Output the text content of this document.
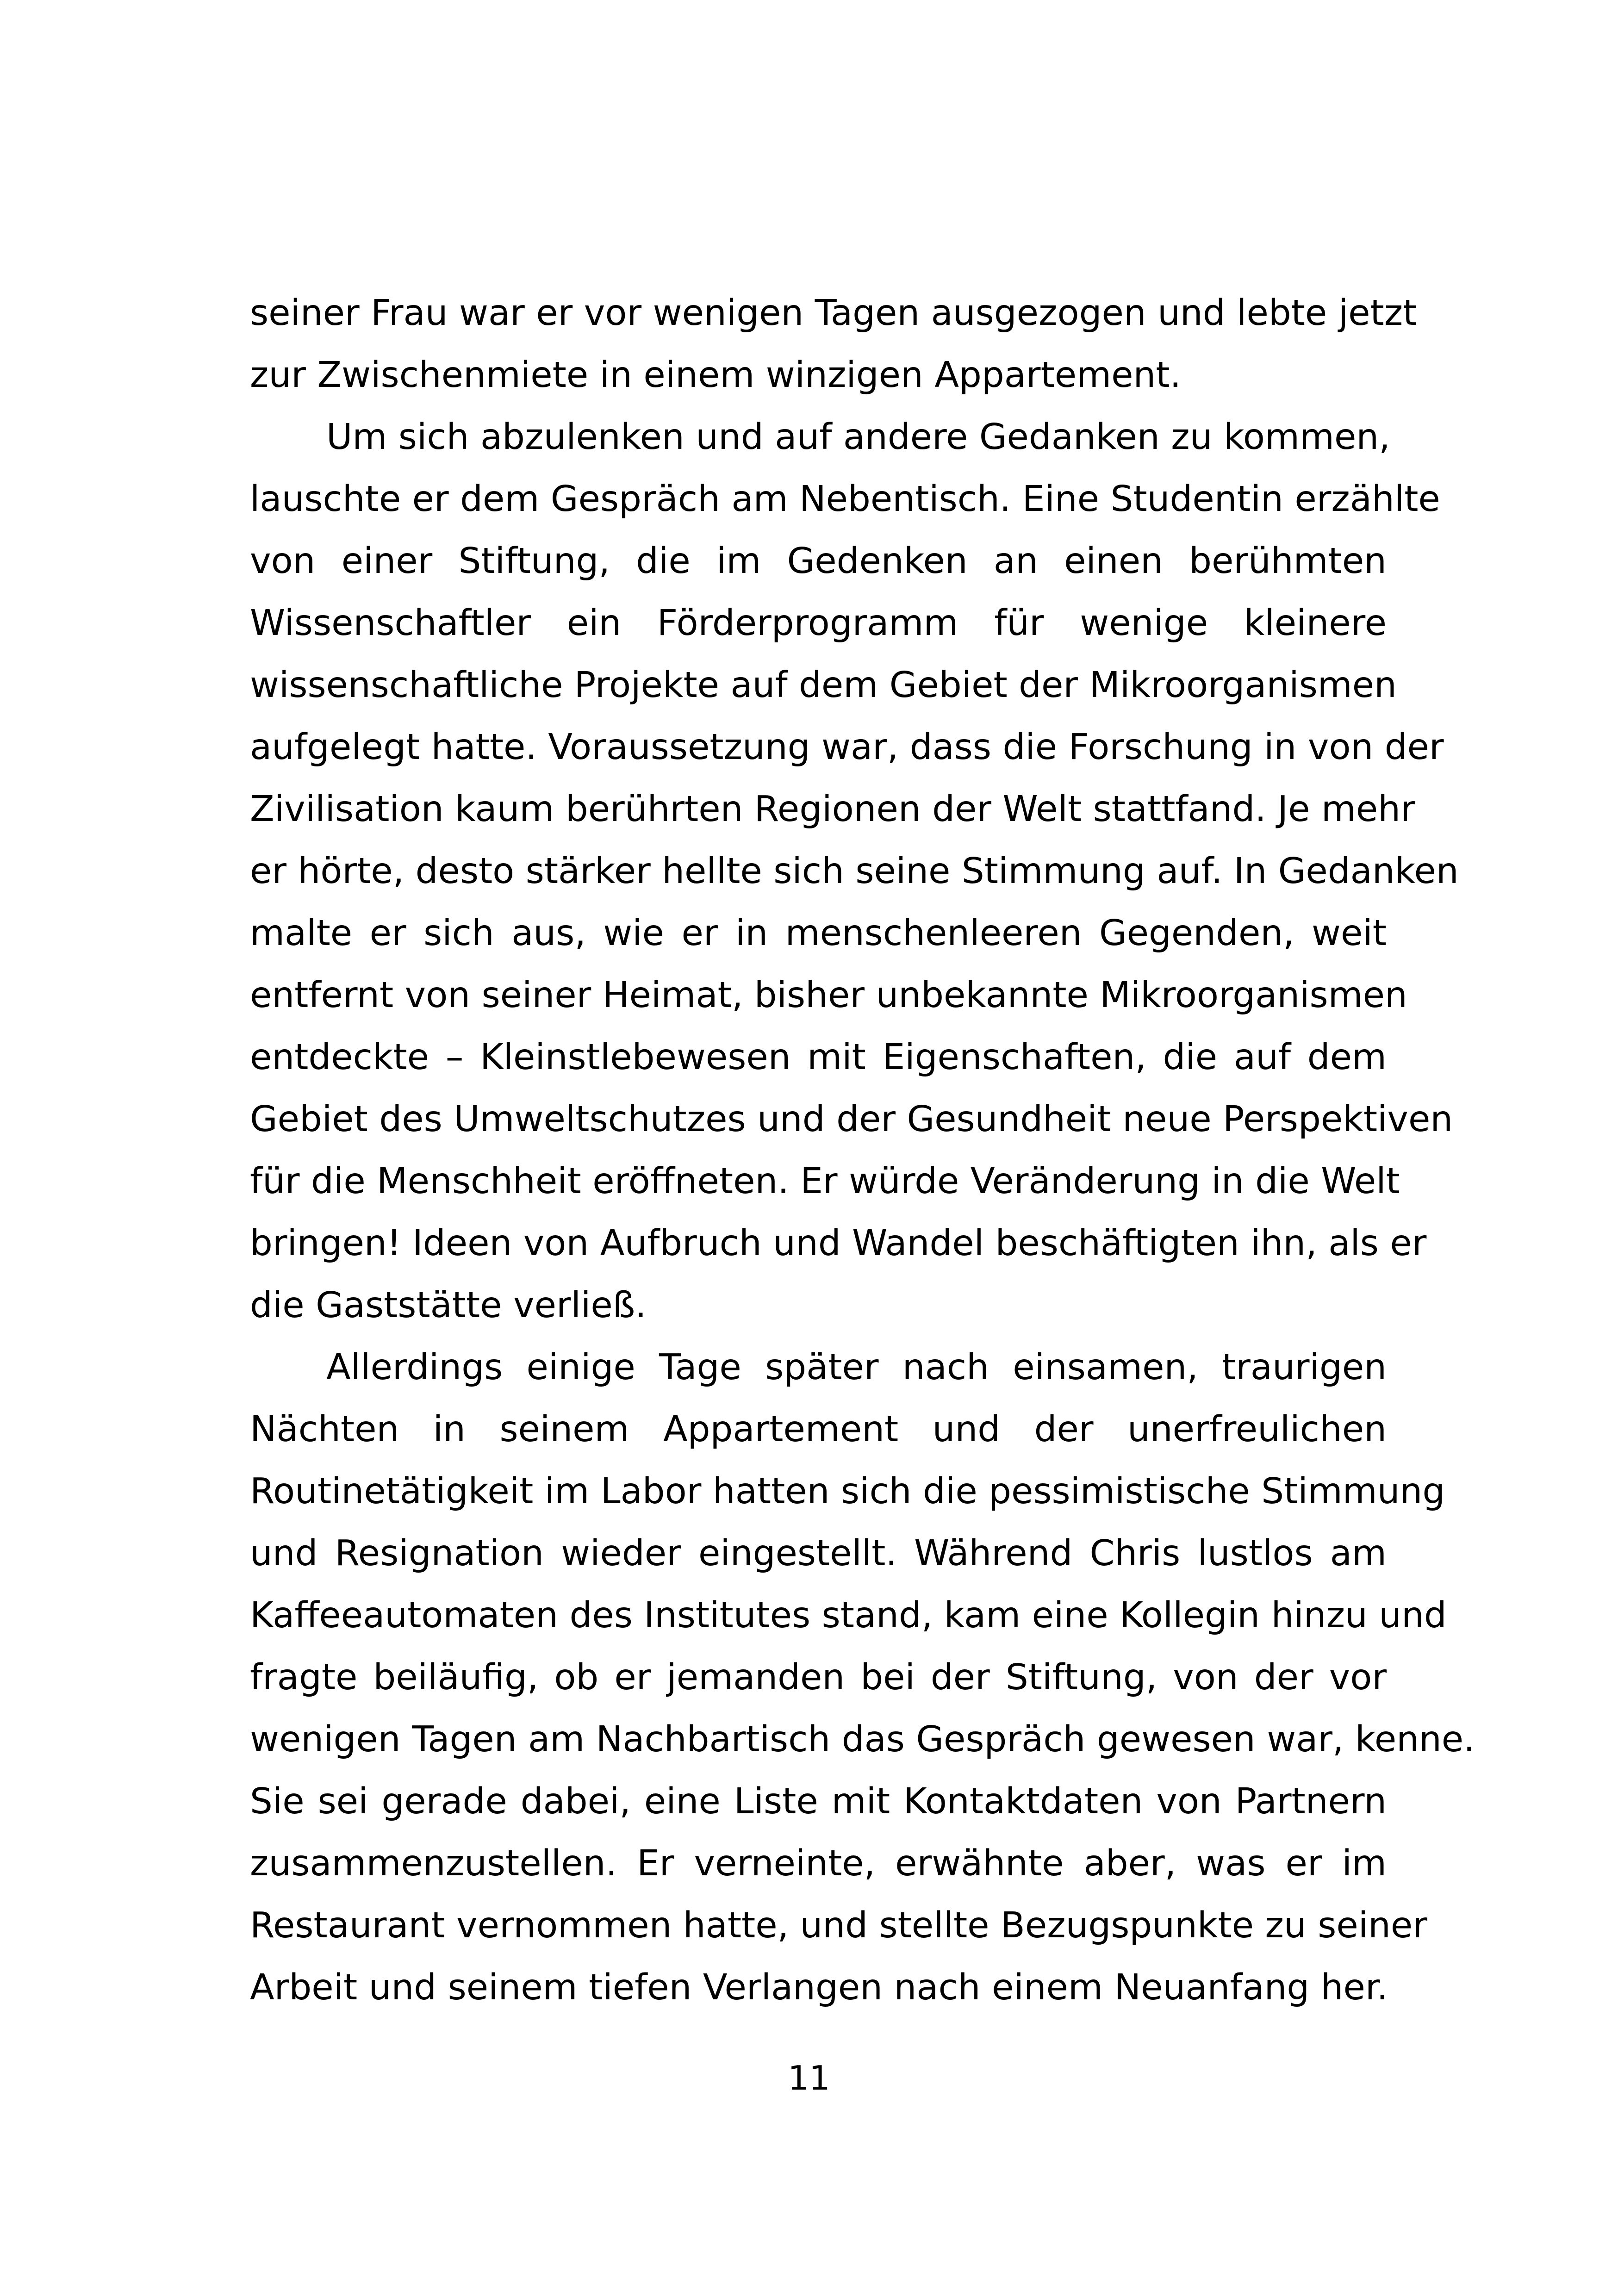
seiner Frau war er vor wenigen Tagen ausgezogen und lebte jetzt
zur Zwischenmiete in einem winzigen Appartement.
Um sich abzulenken und auf andere Gedanken zu kommen,
lauschte er dem Gespräch am Nebentisch. Eine Studentin erzählte
von einer Stiftung, die im Gedenken an einen berühmten
Wissenschaftler ein Förderprogramm für wenige kleinere
wissenschaftliche Projekte auf dem Gebiet der Mikroorganismen
aufgelegt hatte. Voraussetzung war, dass die Forschung in von der
Zivilisation kaum berührten Regionen der Welt stattfand. Je mehr
er hörte, desto stärker hellte sich seine Stimmung auf. In Gedanken
malte er sich aus, wie er in menschenleeren Gegenden, weit
entfernt von seiner Heimat, bisher unbekannte Mikroorganismen
entdeckte – Kleinstlebewesen mit Eigenschaften, die auf dem
Gebiet des Umweltschutzes und der Gesundheit neue Perspektiven
für die Menschheit eröffneten. Er würde Veränderung in die Welt
bringen! Ideen von Aufbruch und Wandel beschäftigten ihn, als er
die Gaststätte verließ.
Allerdings einige Tage später nach einsamen, traurigen
Nächten in seinem Appartement und der unerfreulichen
Routinetätigkeit im Labor hatten sich die pessimistische Stimmung
und Resignation wieder eingestellt. Während Chris lustlos am
Kaffeeautomaten des Institutes stand, kam eine Kollegin hinzu und
fragte beiläufig, ob er jemanden bei der Stiftung, von der vor
wenigen Tagen am Nachbartisch das Gespräch gewesen war, kenne.
Sie sei gerade dabei, eine Liste mit Kontaktdaten von Partnern
zusammenzustellen. Er verneinte, erwähnte aber, was er im
Restaurant vernommen hatte, und stellte Bezugspunkte zu seiner
Arbeit und seinem tiefen Verlangen nach einem Neuanfang her.
11
